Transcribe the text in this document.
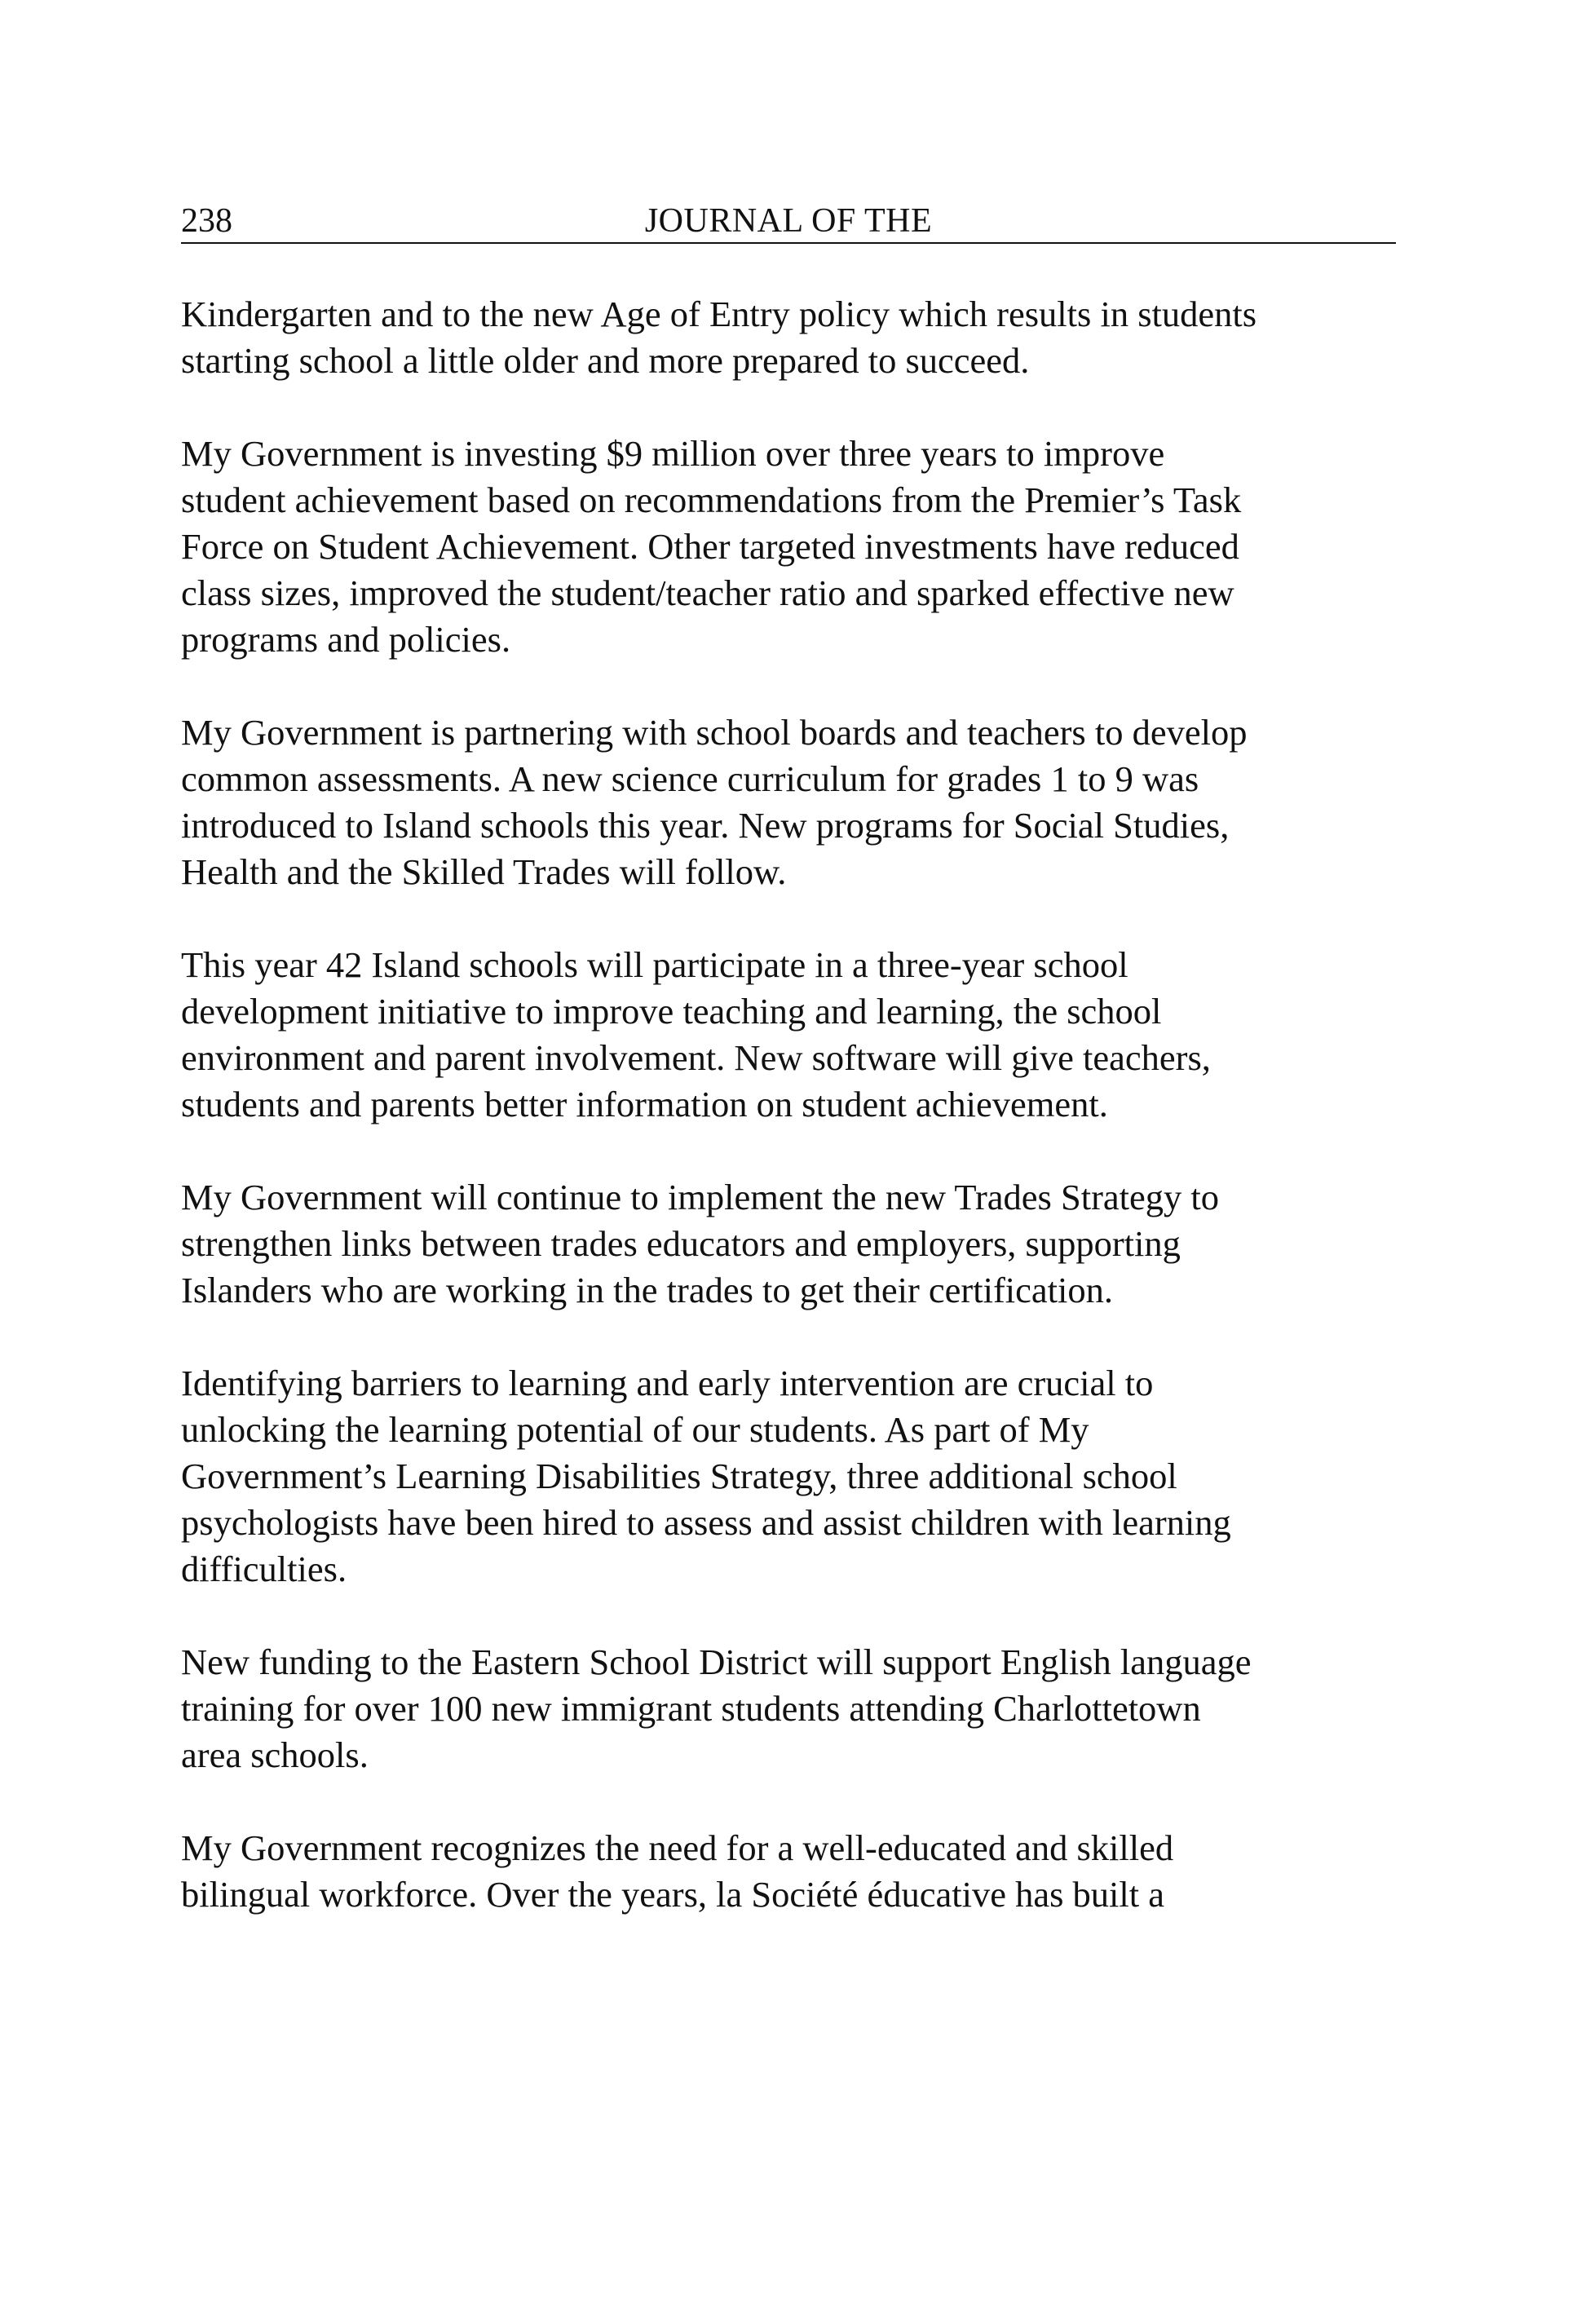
238	JOURNAL OF THE

Kindergarten and to the new Age of Entry policy which results in students
starting school a little older and more prepared to succeed.

My Government is investing $9 million over three years to improve
student achievement based on recommendations from the Premier’s Task
Force on Student Achievement. Other targeted investments have reduced
class sizes, improved the student/teacher ratio and sparked effective new
programs and policies.

My Government is partnering with school boards and teachers to develop
common assessments. A new science curriculum for grades 1 to 9 was
introduced to Island schools this year. New programs for Social Studies,
Health and the Skilled Trades will follow.

This year 42 Island schools will participate in a three-year school
development initiative to improve teaching and learning, the school
environment and parent involvement. New software will give teachers,
students and parents better information on student achievement.

My Government will continue to implement the new Trades Strategy to
strengthen links between trades educators and employers, supporting
Islanders who are working in the trades to get their certification.

Identifying barriers to learning and early intervention are crucial to
unlocking the learning potential of our students. As part of My
Government’s Learning Disabilities Strategy, three additional school
psychologists have been hired to assess and assist children with learning
difficulties.

New funding to the Eastern School District will support English language
training for over 100 new immigrant students attending Charlottetown
area schools.

My Government recognizes the need for a well-educated and skilled
bilingual workforce. Over the years, la Société éducative has built a
